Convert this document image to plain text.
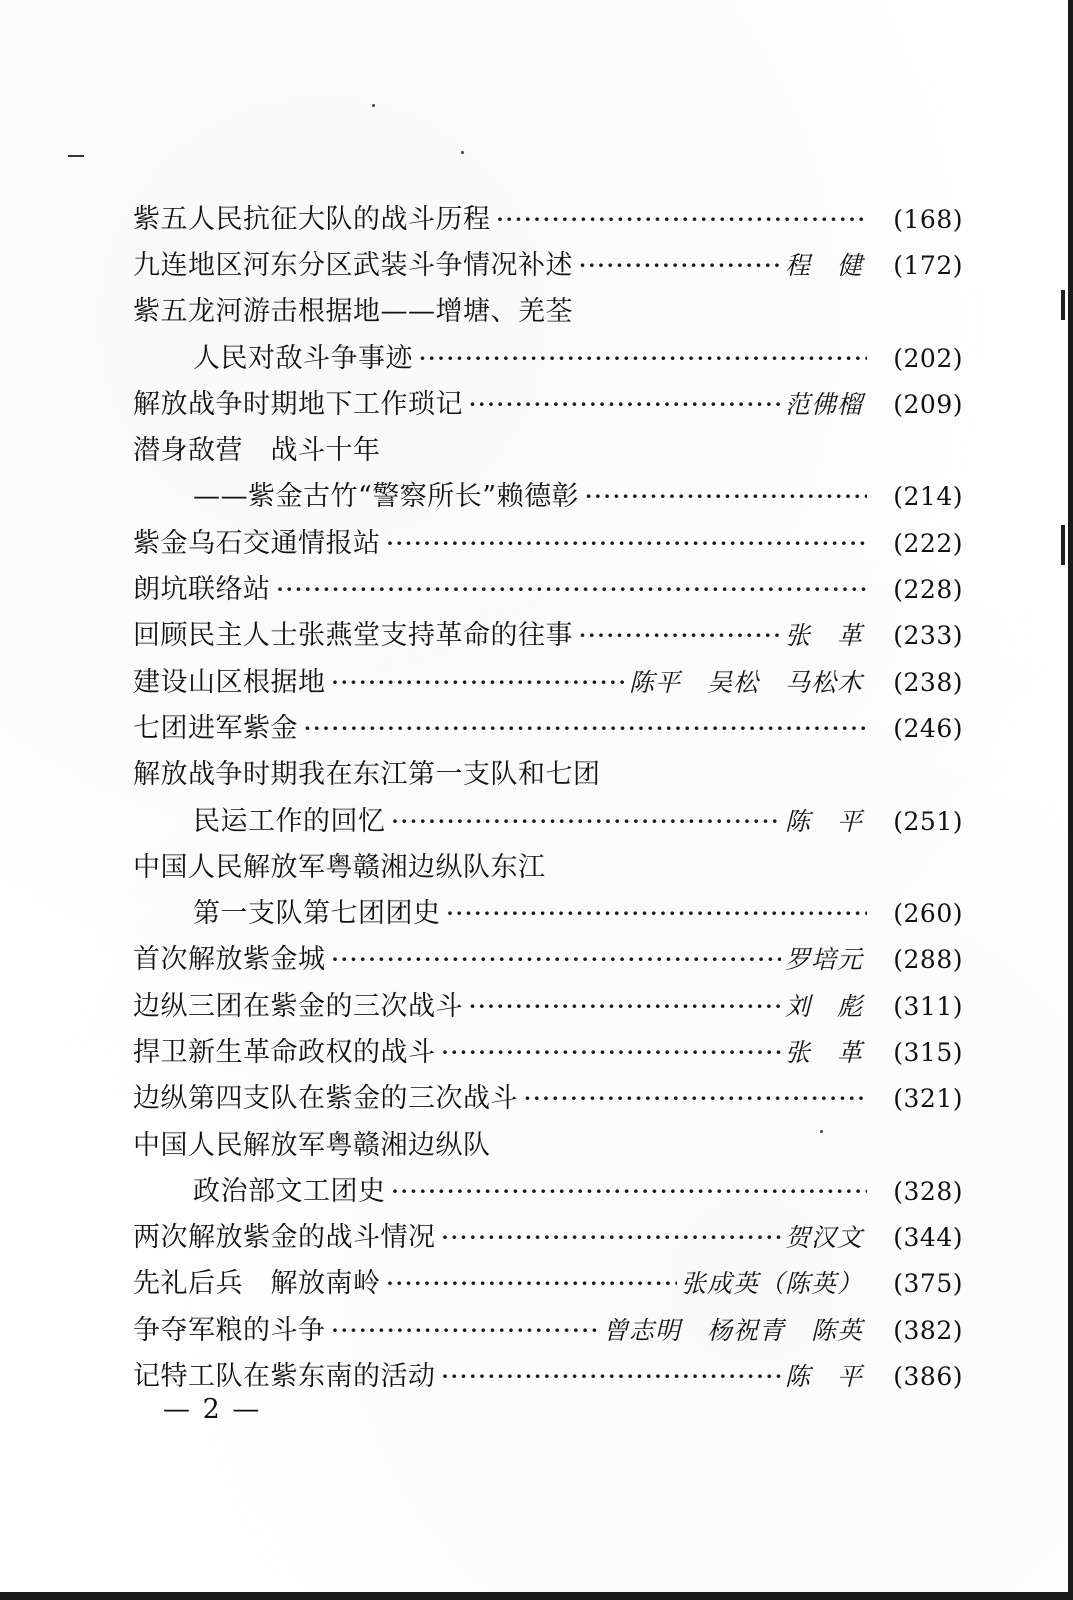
紫五人民抗征大队的战斗历程 ·····	(168)
九连地区河东分区武装斗争情况补述 ·····	程　健	(172)
紫五龙河游击根据地——增塘、羌荃
人民对敌斗争事迹 ·····	(202)
解放战争时期地下工作琐记 ·····	范佛榴	(209)
潜身敌营　战斗十年
——紫金古竹“警察所长”赖德彰 ·····	(214)
紫金乌石交通情报站 ·····	(222)
朗坑联络站 ·····	(228)
回顾民主人士张燕堂支持革命的往事 ·····	张　革	(233)
建设山区根据地 ·····	陈平　吴松　马松木	(238)
七团进军紫金 ·····	(246)
解放战争时期我在东江第一支队和七团
民运工作的回忆 ·····	陈　平	(251)
中国人民解放军粤赣湘边纵队东江
第一支队第七团团史 ·····	(260)
首次解放紫金城 ·····	罗培元	(288)
边纵三团在紫金的三次战斗 ·····	刘　彪	(311)
捍卫新生革命政权的战斗 ·····	张　革	(315)
边纵第四支队在紫金的三次战斗 ·····	(321)
中国人民解放军粤赣湘边纵队
政治部文工团史 ·····	(328)
两次解放紫金的战斗情况 ·····	贺汉文	(344)
先礼后兵　解放南岭 ·····	张成英（陈英）	(375)
争夺军粮的斗争 ·····	曾志明　杨祝青　陈英	(382)
记特工队在紫东南的活动 ·····	陈　平	(386)
— 2 —
